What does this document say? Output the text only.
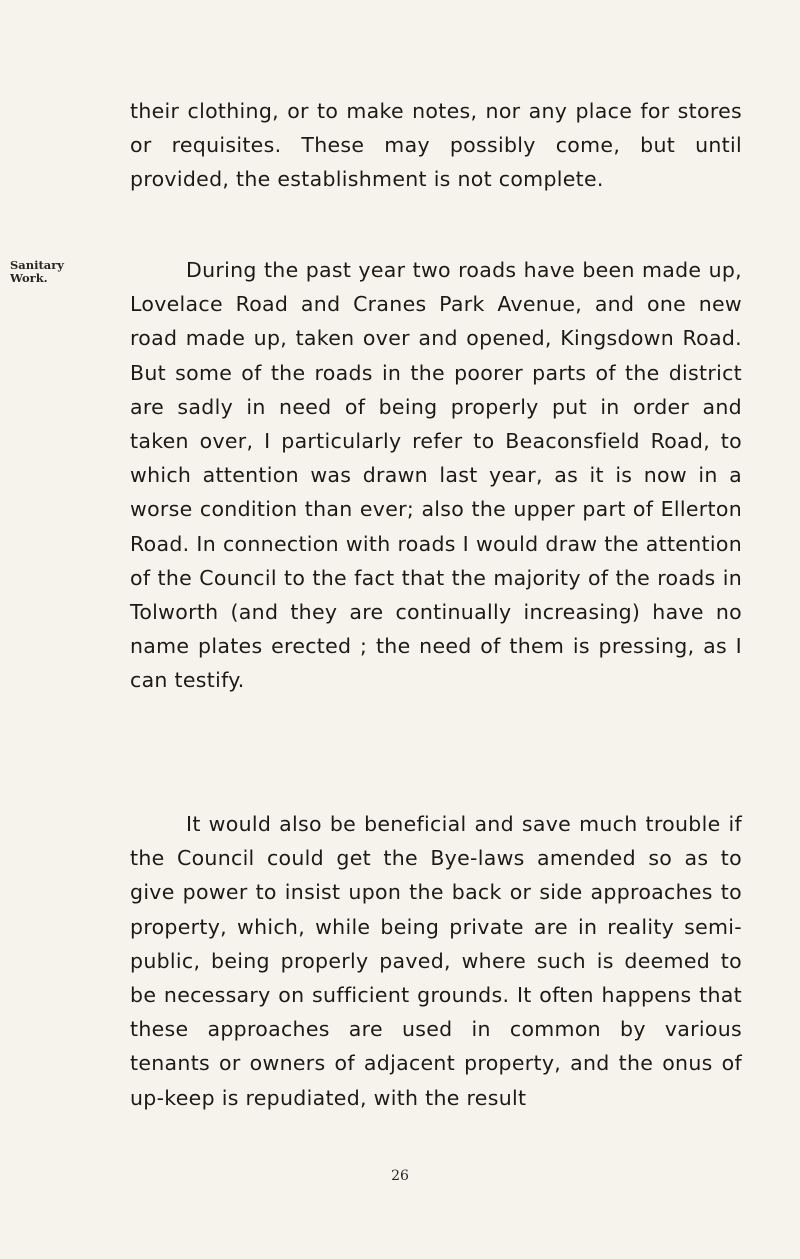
their clothing, or to make notes, nor any place for stores or requisites. These may possibly come, but until provided, the establishment is not complete.

Sanitary
Work.	During the past year two roads have been made up, Lovelace Road and Cranes Park Avenue, and one new road made up, taken over and opened, Kingsdown Road. But some of the roads in the poorer parts of the district are sadly in need of being properly put in order and taken over, I particularly refer to Beaconsfield Road, to which attention was drawn last year, as it is now in a worse condition than ever; also the upper part of Ellerton Road. In connection with roads I would draw the attention of the Council to the fact that the majority of the roads in Tolworth (and they are continually increasing) have no name plates erected ; the need of them is pressing, as I can testify.

It would also be beneficial and save much trouble if the Council could get the Bye-laws amended so as to give power to insist upon the back or side approaches to property, which, while being private are in reality semi-public, being properly paved, where such is deemed to be necessary on sufficient grounds. It often happens that these approaches are used in common by various tenants or owners of adjacent property, and the onus of up-keep is repudiated, with the result

26
